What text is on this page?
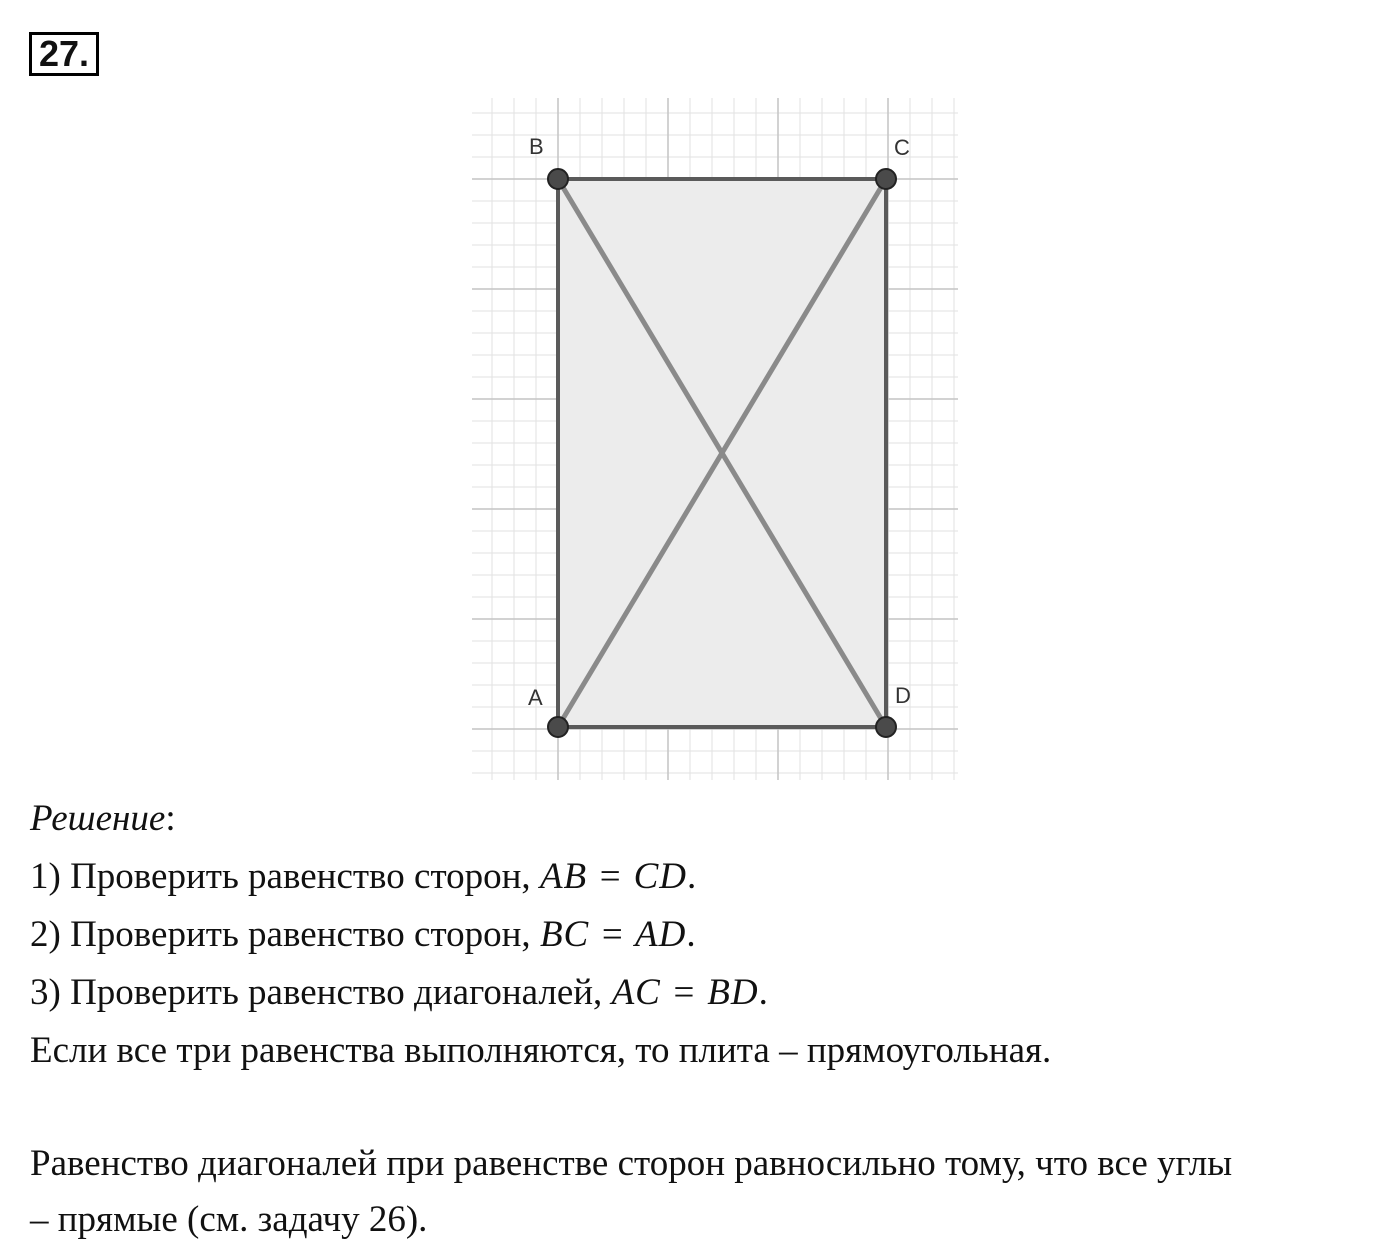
27.
B	C
A	D
Решение:
1) Проверить равенство сторон, AB = CD.
2) Проверить равенство сторон, BC = AD.
3) Проверить равенство диагоналей, AC = BD.
Если все три равенства выполняются, то плита – прямоугольная.
Равенство диагоналей при равенстве сторон равносильно тому, что все углы
– прямые (см. задачу 26).
